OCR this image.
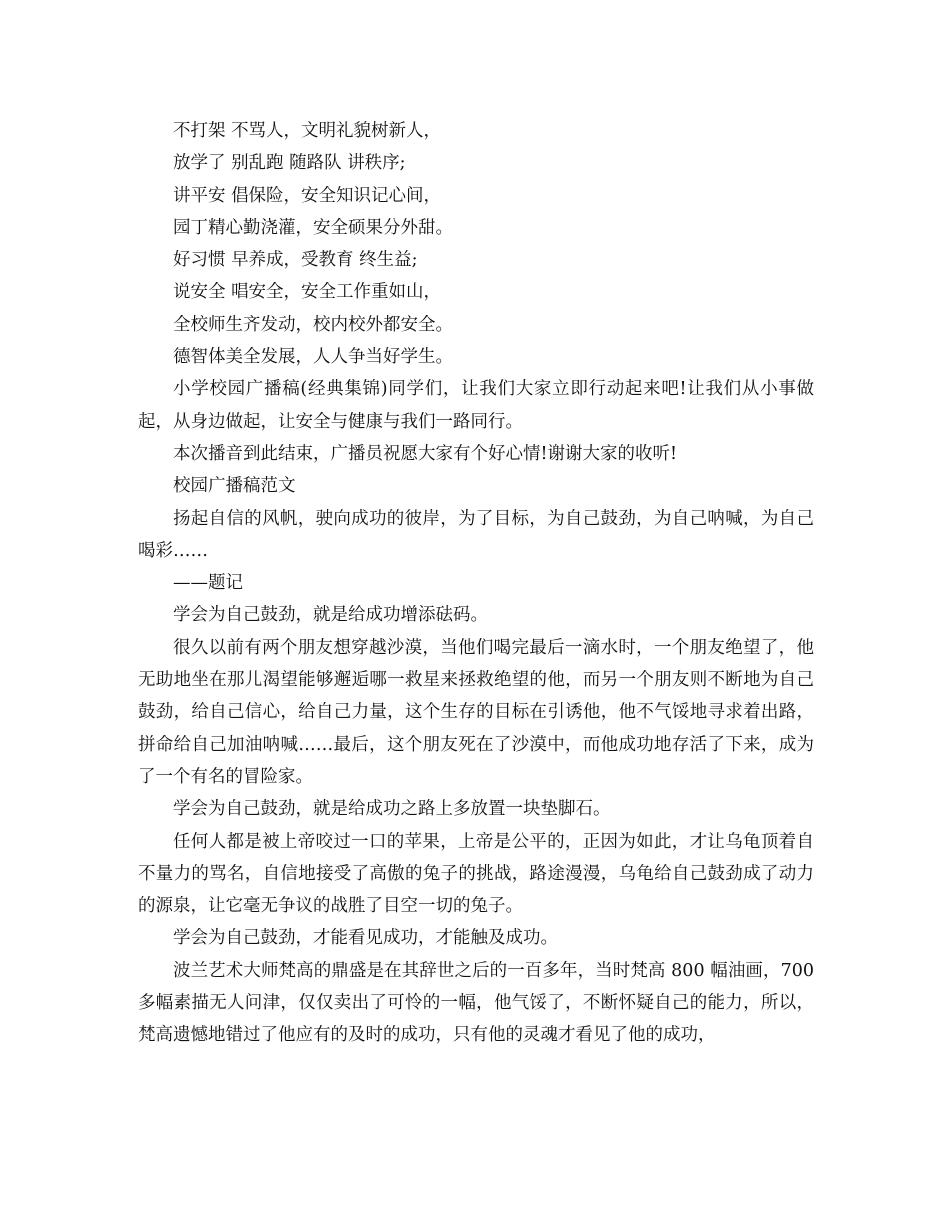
不打架 不骂人，文明礼貌树新人，

放学了 别乱跑 随路队 讲秩序;

讲平安 倡保险，安全知识记心间，

园丁精心勤浇灌，安全硕果分外甜。

好习惯 早养成，受教育 终生益;

说安全 唱安全，安全工作重如山，

全校师生齐发动，校内校外都安全。

德智体美全发展，人人争当好学生。

小学校园广播稿(经典集锦)同学们，让我们大家立即行动起来吧!让我们从小事做起，从身边做起，让安全与健康与我们一路同行。

本次播音到此结束，广播员祝愿大家有个好心情!谢谢大家的收听!

校园广播稿范文

扬起自信的风帆，驶向成功的彼岸，为了目标，为自己鼓劲，为自己呐喊，为自己喝彩……

——题记

学会为自己鼓劲，就是给成功增添砝码。

很久以前有两个朋友想穿越沙漠，当他们喝完最后一滴水时，一个朋友绝望了，他无助地坐在那儿渴望能够邂逅哪一救星来拯救绝望的他，而另一个朋友则不断地为自己鼓劲，给自己信心，给自己力量，这个生存的目标在引诱他，他不气馁地寻求着出路，拼命给自己加油呐喊……最后，这个朋友死在了沙漠中，而他成功地存活了下来，成为了一个有名的冒险家。

学会为自己鼓劲，就是给成功之路上多放置一块垫脚石。

任何人都是被上帝咬过一口的苹果，上帝是公平的，正因为如此，才让乌龟顶着自不量力的骂名，自信地接受了高傲的兔子的挑战，路途漫漫，乌龟给自己鼓劲成了动力的源泉，让它毫无争议的战胜了目空一切的兔子。

学会为自己鼓劲，才能看见成功，才能触及成功。

波兰艺术大师梵高的鼎盛是在其辞世之后的一百多年，当时梵高 800 幅油画，700 多幅素描无人问津，仅仅卖出了可怜的一幅，他气馁了，不断怀疑自己的能力，所以，梵高遗憾地错过了他应有的及时的成功，只有他的灵魂才看见了他的成功，
